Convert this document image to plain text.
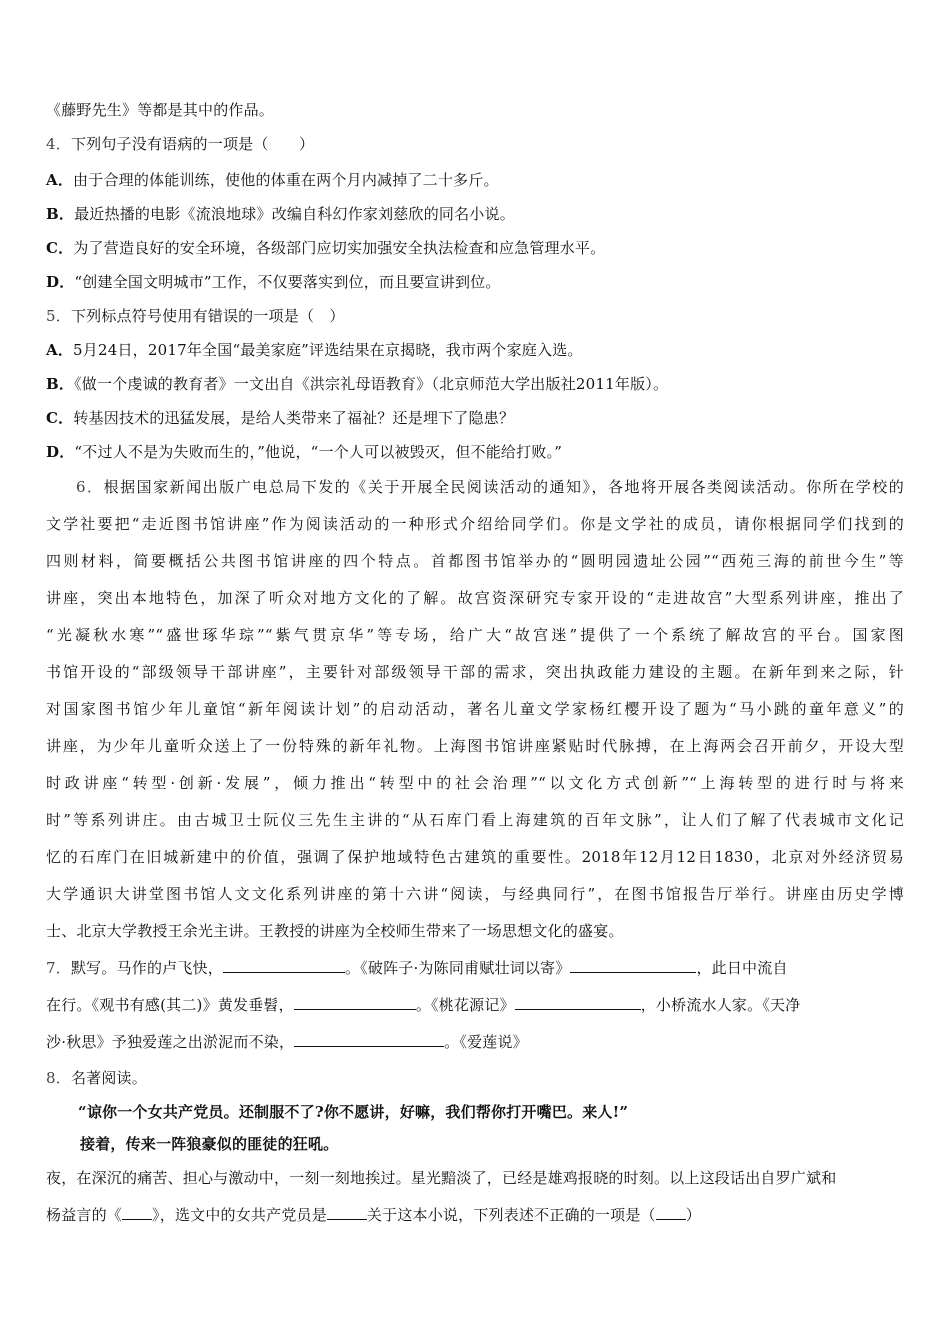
《藤野先生》等都是其中的作品。
4．下列句子没有语病的一项是（　　）
A．由于合理的体能训练，使他的体重在两个月内减掉了二十多斤。
B．最近热播的电影《流浪地球》改编自科幻作家刘慈欣的同名小说。
C．为了营造良好的安全环境，各级部门应切实加强安全执法检查和应急管理水平。
D．“创建全国文明城市”工作，不仅要落实到位，而且要宣讲到位。
5．下列标点符号使用有错误的一项是（　）
A．5月24日，2017年全国“最美家庭”评选结果在京揭晓，我市两个家庭入选。
B．《做一个虔诚的教育者》一文出自《洪宗礼母语教育》（北京师范大学出版社2011年版）。
C．转基因技术的迅猛发展，是给人类带来了福祉？还是埋下了隐患？
D．“不过人不是为失败而生的，”他说，“一个人可以被毁灭，但不能给打败。”
6．根据国家新闻出版广电总局下发的《关于开展全民阅读活动的通知》，各地将开展各类阅读活动。你所在学校的
文学社要把“走近图书馆讲座”作为阅读活动的一种形式介绍给同学们。你是文学社的成员，请你根据同学们找到的
四则材料，简要概括公共图书馆讲座的四个特点。首都图书馆举办的“圆明园遗址公园”“西苑三海的前世今生”等
讲座，突出本地特色，加深了听众对地方文化的了解。故宫资深研究专家开设的“走进故宫”大型系列讲座，推出了
“光凝秋水寒”“盛世琢华琮”“紫气贯京华”等专场，给广大“故宫迷”提供了一个系统了解故宫的平台。国家图
书馆开设的“部级领导干部讲座”，主要针对部级领导干部的需求，突出执政能力建设的主题。在新年到来之际，针
对国家图书馆少年儿童馆“新年阅读计划”的启动活动，著名儿童文学家杨红樱开设了题为“马小跳的童年意义”的
讲座，为少年儿童听众送上了一份特殊的新年礼物。上海图书馆讲座紧贴时代脉搏，在上海两会召开前夕，开设大型
时政讲座“转型·创新·发展”，倾力推出“转型中的社会治理”“以文化方式创新”“上海转型的进行时与将来
时”等系列讲庄。由古城卫士阮仪三先生主讲的“从石库门看上海建筑的百年文脉”，让人们了解了代表城市文化记
忆的石库门在旧城新建中的价值，强调了保护地域特色古建筑的重要性。2018年12月12日1830，北京对外经济贸易
大学通识大讲堂图书馆人文文化系列讲座的第十六讲“阅读，与经典同行”，在图书馆报告厅举行。讲座由历史学博
士、北京大学教授王余光主讲。王教授的讲座为全校师生带来了一场思想文化的盛宴。
7．默写。马作的卢飞快，	。《破阵子·为陈同甫赋壮词以寄》	，此日中流自
在行。《观书有感(其二)》黄发垂髫，	。《桃花源记》	，小桥流水人家。《天净
沙·秋思》予独爱莲之出淤泥而不染，	。《爱莲说》
8．名著阅读。
“谅你一个女共产党员。还制服不了?你不愿讲，好嘛，我们帮你打开嘴巴。来人!”
接着，传来一阵狼豪似的匪徒的狂吼。
夜，在深沉的痛苦、担心与激动中，一刻一刻地挨过。星光黯淡了，已经是雄鸡报晓的时刻。以上这段话出自罗广斌和
杨益言的《 》，选文中的女共产党员是	关于这本小说，下列表述不正确的一项是（ ）
